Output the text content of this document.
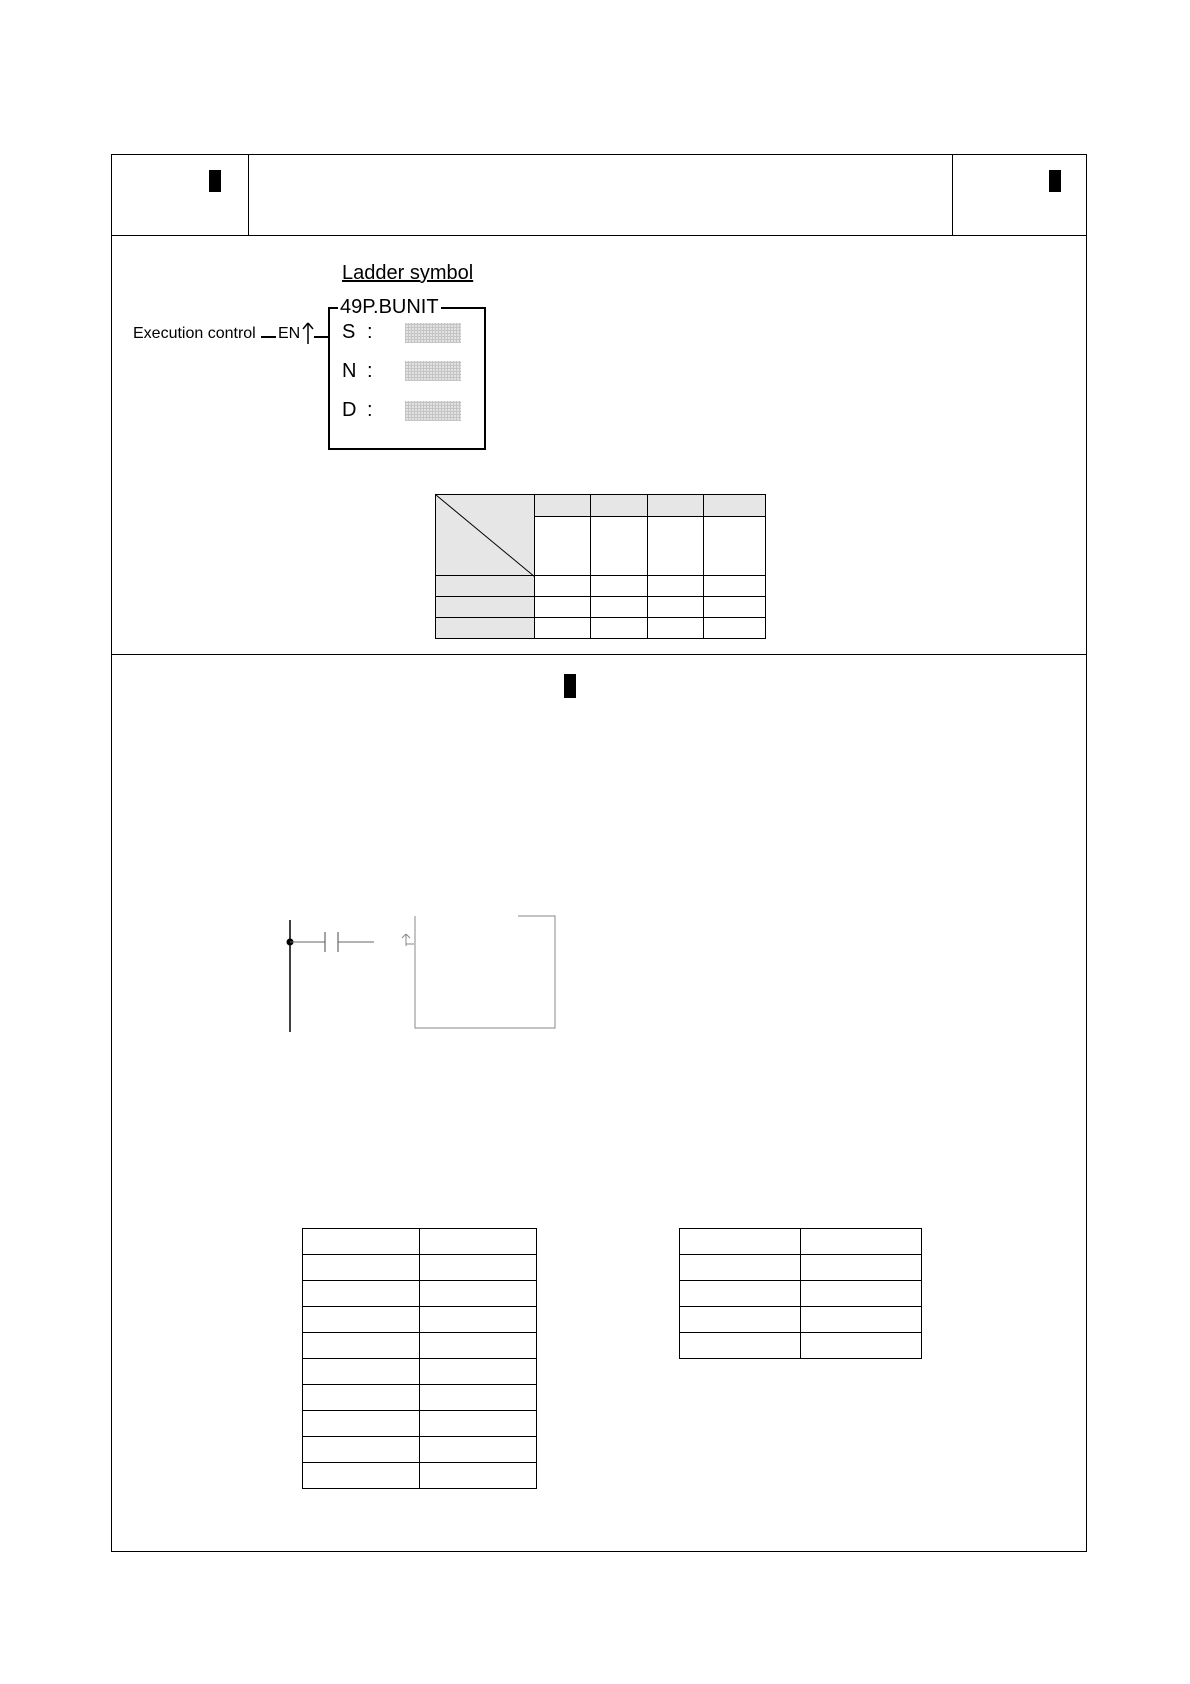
Ladder symbol
49P.BUNIT
Execution control EN S :
N :
D :
